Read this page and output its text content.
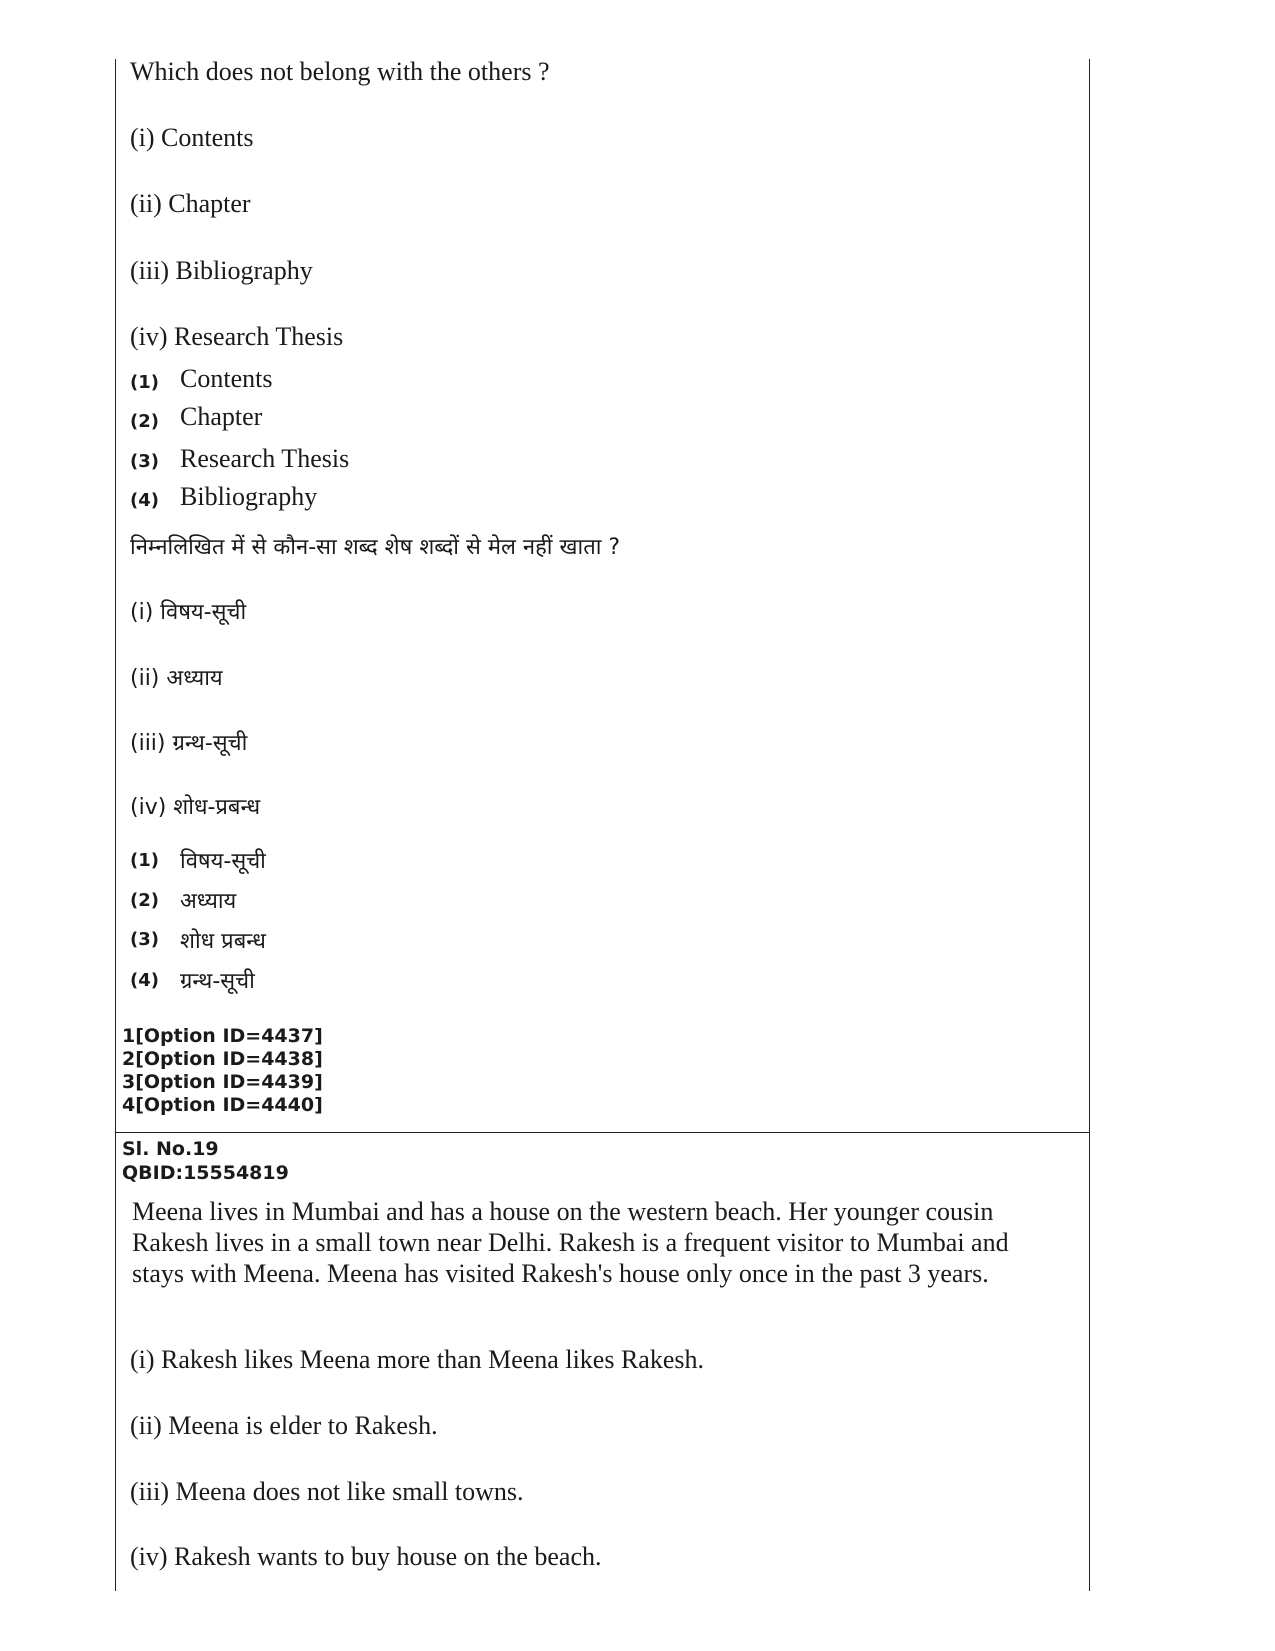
Which does not belong with the others ?
(i) Contents
(ii) Chapter
(iii) Bibliography
(iv) Research Thesis
(1) Contents
(2) Chapter
(3) Research Thesis
(4) Bibliography
निम्नलिखित में से कौन-सा शब्द शेष शब्दों से मेल नहीं खाता ?
(i) विषय-सूची
(ii) अध्याय
(iii) ग्रन्थ-सूची
(iv) शोध-प्रबन्ध
(1) विषय-सूची
(2) अध्याय
(3) शोध प्रबन्ध
(4) ग्रन्थ-सूची
1[Option ID=4437]
2[Option ID=4438]
3[Option ID=4439]
4[Option ID=4440]
Sl. No.19
QBID:15554819
Meena lives in Mumbai and has a house on the western beach. Her younger cousin Rakesh lives in a small town near Delhi. Rakesh is a frequent visitor to Mumbai and stays with Meena. Meena has visited Rakesh's house only once in the past 3 years.
(i) Rakesh likes Meena more than Meena likes Rakesh.
(ii) Meena is elder to Rakesh.
(iii) Meena does not like small towns.
(iv) Rakesh wants to buy house on the beach.
